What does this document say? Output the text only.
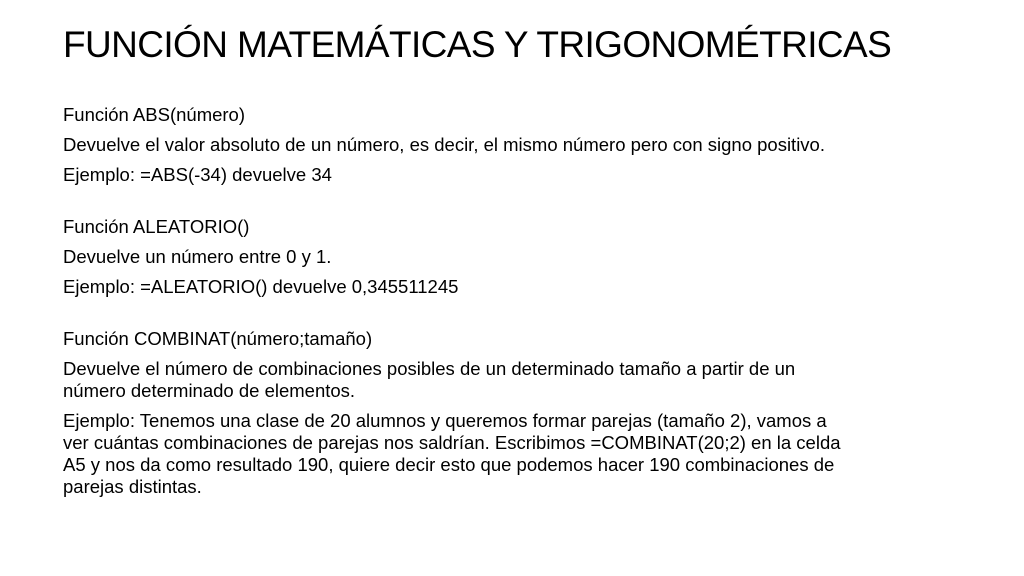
FUNCIÓN MATEMÁTICAS Y TRIGONOMÉTRICAS

Función ABS(número)

Devuelve el valor absoluto de un número, es decir, el mismo número pero con signo positivo.

Ejemplo: =ABS(-34) devuelve 34

Función ALEATORIO()

Devuelve un número entre 0 y 1.

Ejemplo: =ALEATORIO() devuelve 0,345511245

Función COMBINAT(número;tamaño)

Devuelve el número de combinaciones posibles de un determinado tamaño a partir de un

número determinado de elementos.

Ejemplo: Tenemos una clase de 20 alumnos y queremos formar parejas (tamaño 2), vamos a

ver cuántas combinaciones de parejas nos saldrían. Escribimos =COMBINAT(20;2) en la celda

A5 y nos da como resultado 190, quiere decir esto que podemos hacer 190 combinaciones de

parejas distintas.
